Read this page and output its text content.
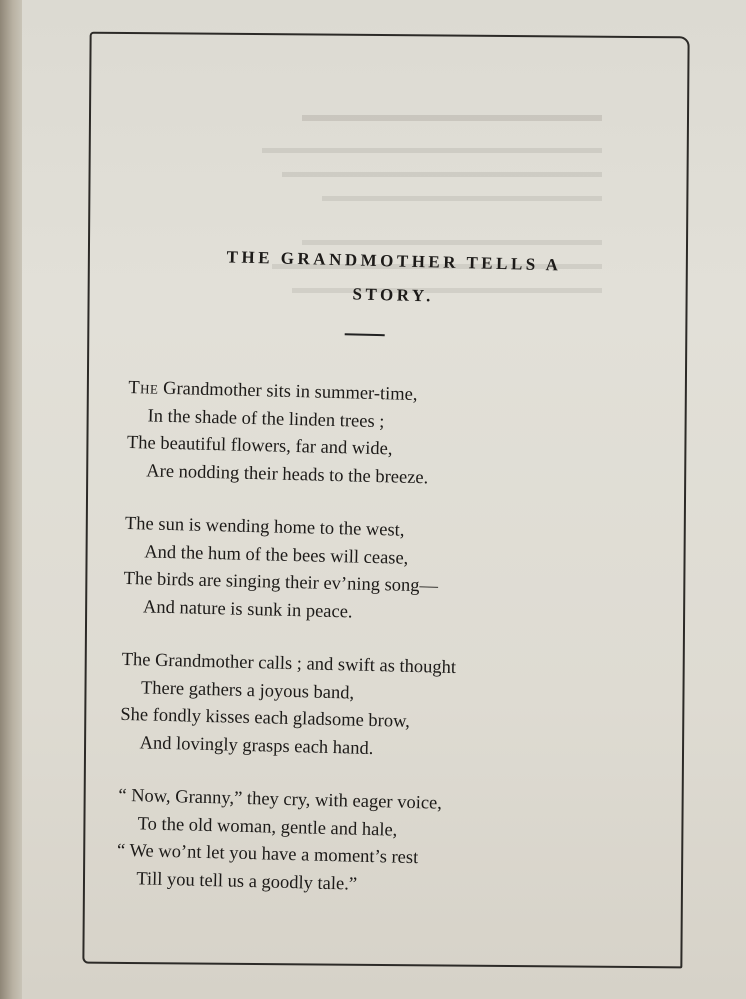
THE GRANDMOTHER TELLS A
STORY.
The Grandmother sits in summer-time,
In the shade of the linden trees ;
The beautiful flowers, far and wide,
Are nodding their heads to the breeze.
The sun is wending home to the west,
And the hum of the bees will cease,
The birds are singing their ev’ning song—
And nature is sunk in peace.
The Grandmother calls ; and swift as thought
There gathers a joyous band,
She fondly kisses each gladsome brow,
And lovingly grasps each hand.
“ Now, Granny,” they cry, with eager voice,
To the old woman, gentle and hale,
“ We wo’nt let you have a moment’s rest
Till you tell us a goodly tale.”
